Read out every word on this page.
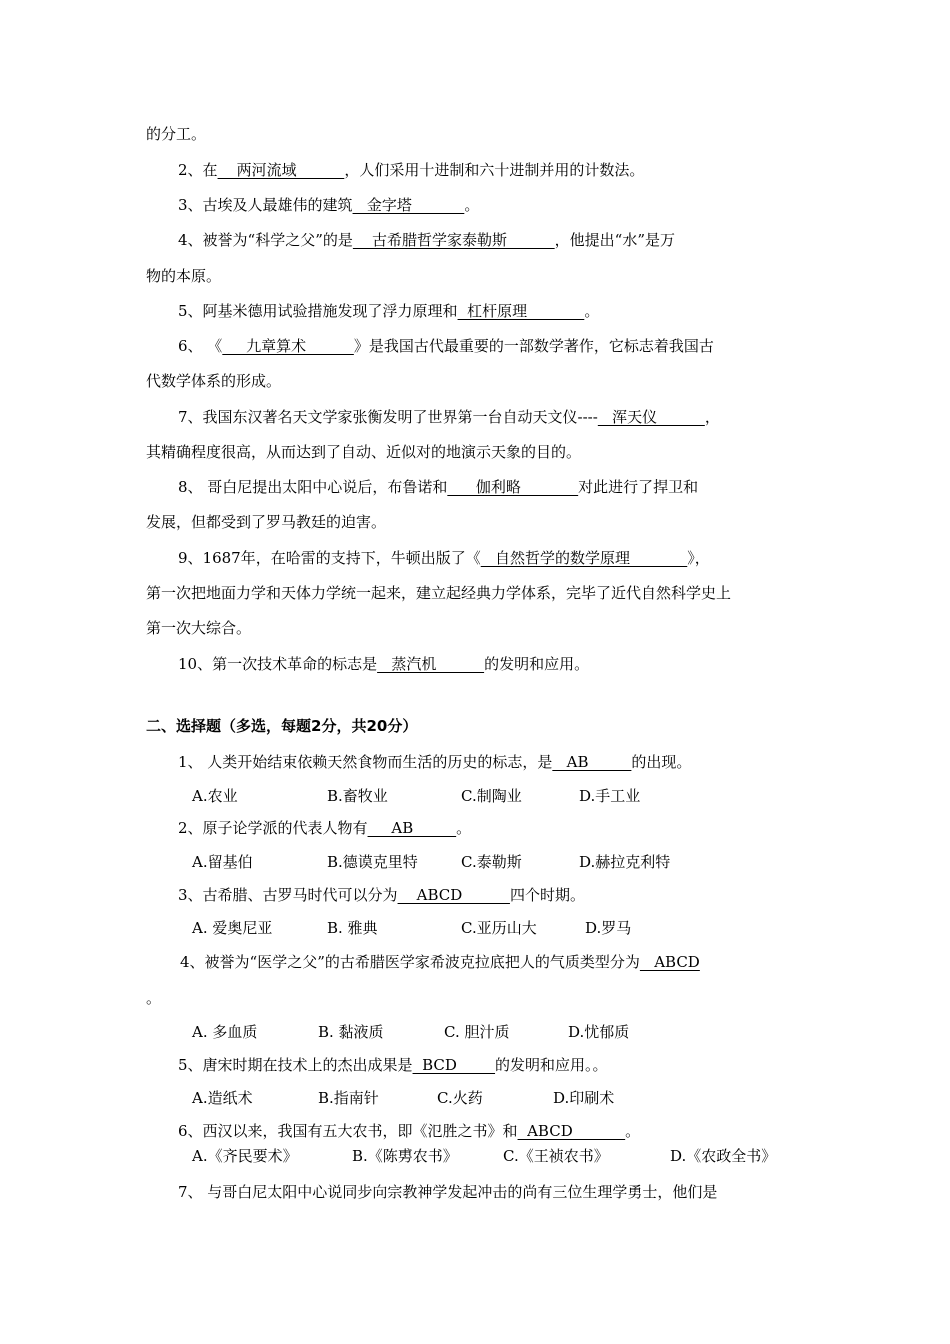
的分工。
2、在    两河流域          ，人们采用十进制和六十进制并用的计数法。
3、古埃及人最雄伟的建筑   金字塔           。
4、被誉为“科学之父”的是    古希腊哲学家泰勒斯          ，他提出“水”是万
物的本原。
5、阿基米德用试验措施发现了浮力原理和  杠杆原理            。
6、 《     九章算术          》是我国古代最重要的一部数学著作，它标志着我国古
代数学体系的形成。
7、我国东汉著名天文学家张衡发明了世界第一台自动天文仪----   浑天仪          ，
其精确程度很高，从而达到了自动、近似对的地演示天象的目的。
8、 哥白尼提出太阳中心说后，布鲁诺和      伽利略            对此进行了捍卫和
发展，但都受到了罗马教廷的迫害。
9、1687年，在哈雷的支持下，牛顿出版了《   自然哲学的数学原理            》，
第一次把地面力学和天体力学统一起来，建立起经典力学体系，完毕了近代自然科学史上
第一次大综合。
10、第一次技术革命的标志是   蒸汽机          的发明和应用。
二、选择题（多选，每题2分，共20分）
1、 人类开始结束依赖天然食物而生活的历史的标志，是   AB         的出现。
A.农业	B.畜牧业	C.制陶业	D.手工业
2、原子论学派的代表人物有     AB         。
A.留基伯	B.德谟克里特	C.泰勒斯	D.赫拉克利特
3、古希腊、古罗马时代可以分为    ABCD          四个时期。
A. 爱奥尼亚	B. 雅典	C.亚历山大	D.罗马
4、被誉为“医学之父”的古希腊医学家希波克拉底把人的气质类型分为   ABCD
。
A. 多血质	B. 黏液质	C. 胆汁质	D.忧郁质
5、唐宋时期在技术上的杰出成果是  BCD        的发明和应用。。
A.造纸术	B.指南针	C.火药	D.印刷术
6、西汉以来，我国有五大农书，即《氾胜之书》和  ABCD           。
A.《齐民要术》	B.《陈旉农书》	C.《王祯农书》	D.《农政全书》
7、 与哥白尼太阳中心说同步向宗教神学发起冲击的尚有三位生理学勇士，他们是
